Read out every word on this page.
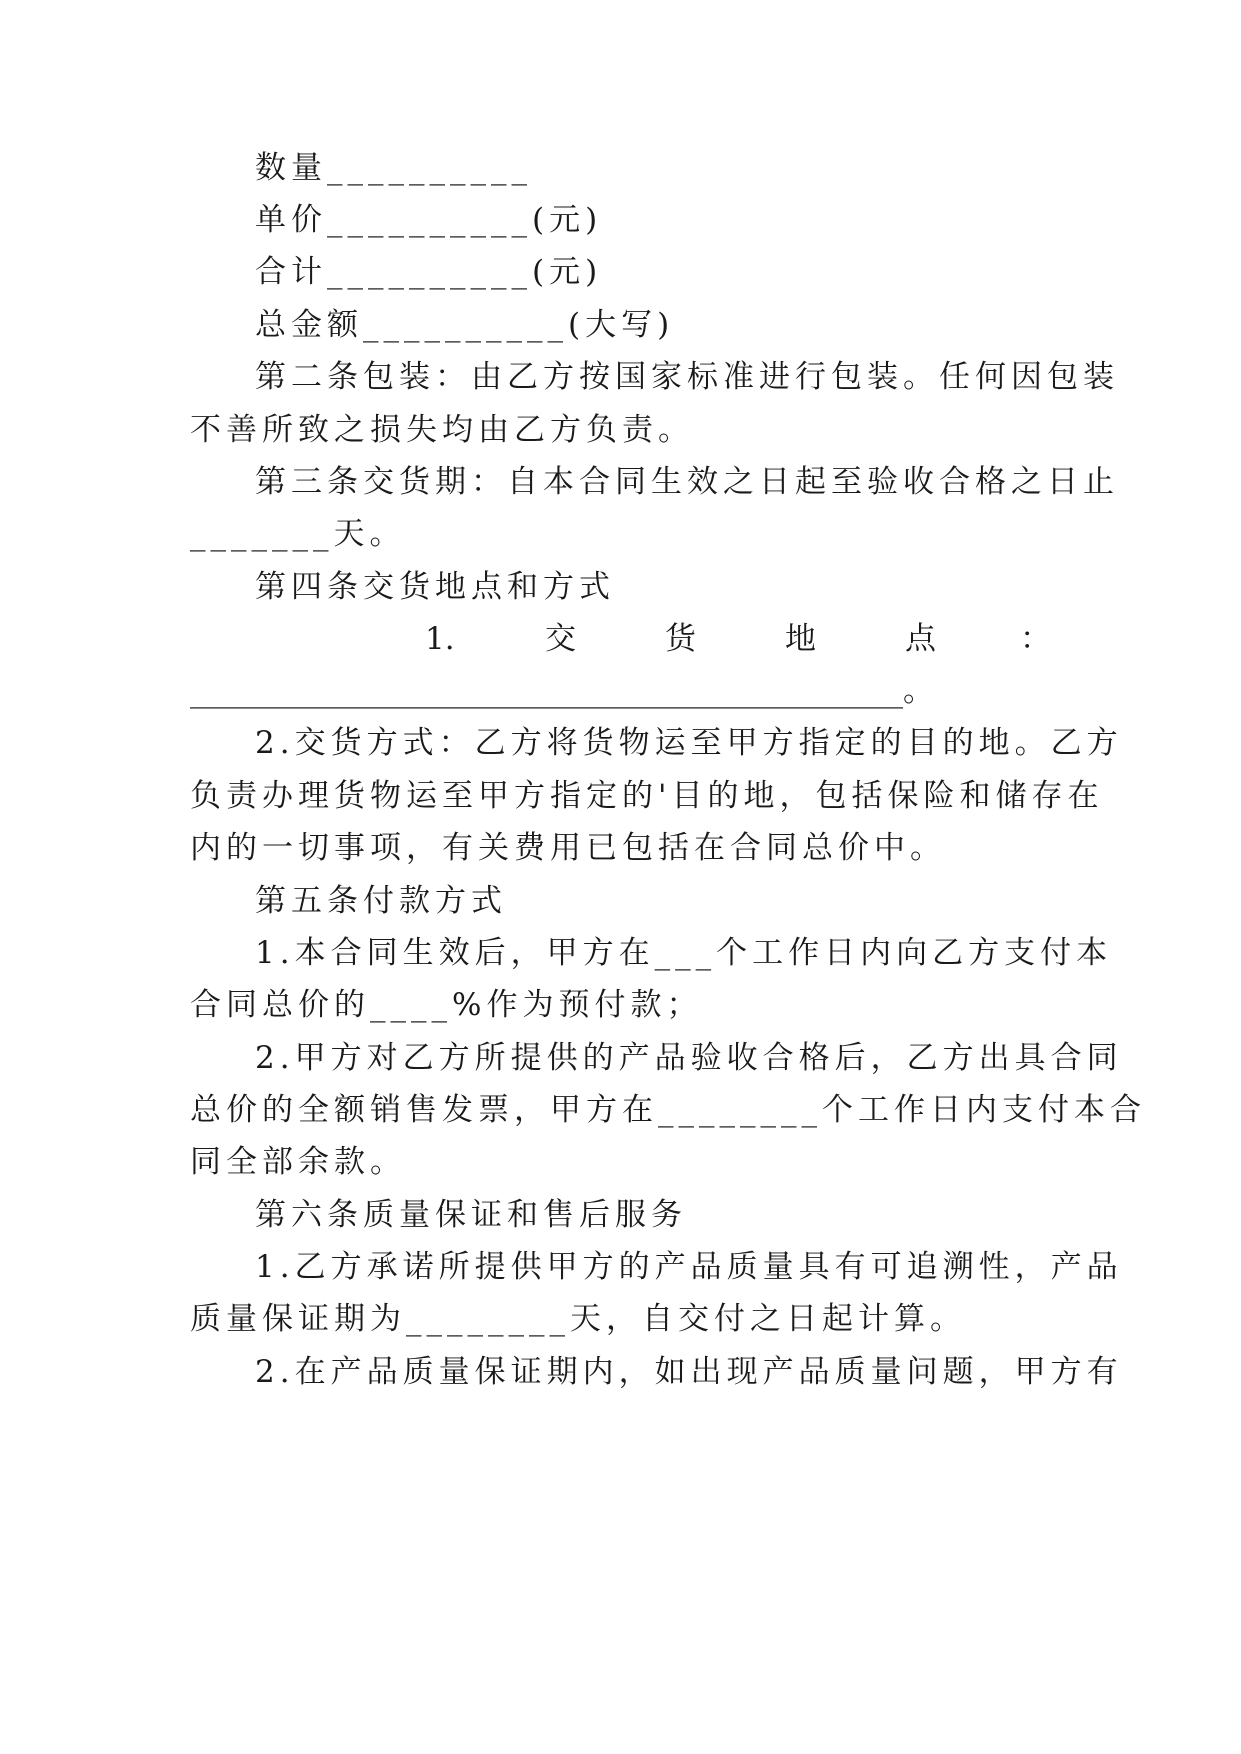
数量__________
单价__________(元)
合计__________(元)
总金额__________(大写)
第二条包装：由乙方按国家标准进行包装。任何因包装
不善所致之损失均由乙方负责。
第三条交货期：自本合同生效之日起至验收合格之日止
_______天。
第四条交货地点和方式
1.	交	货	地	点	：
______________________________________________。
2.交货方式：乙方将货物运至甲方指定的目的地。乙方
负责办理货物运至甲方指定的'目的地，包括保险和储存在
内的一切事项，有关费用已包括在合同总价中。
第五条付款方式
1.本合同生效后，甲方在___个工作日内向乙方支付本
合同总价的____%作为预付款；
2.甲方对乙方所提供的产品验收合格后，乙方出具合同
总价的全额销售发票，甲方在________个工作日内支付本合
同全部余款。
第六条质量保证和售后服务
1.乙方承诺所提供甲方的产品质量具有可追溯性，产品
质量保证期为________天，自交付之日起计算。
2.在产品质量保证期内，如出现产品质量问题，甲方有
